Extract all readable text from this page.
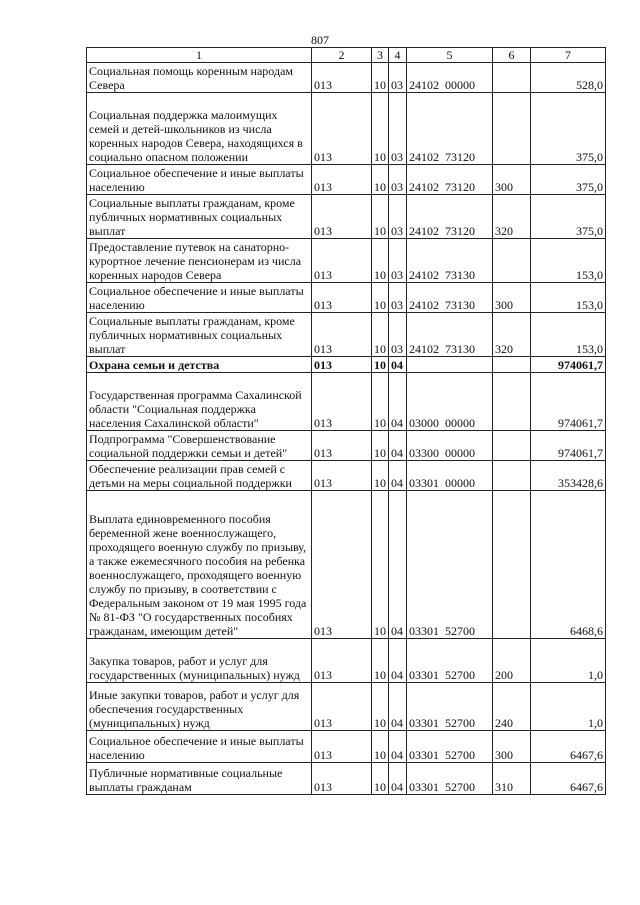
807
1	2	3	4	5	6	7
Социальная помощь коренным народам Севера	013	10	03	24102  00000		528,0
Социальная поддержка малоимущих семей и детей-школьников из числа коренных народов Севера, находящихся в социально опасном положении	013	10	03	24102  73120		375,0
Социальное обеспечение и иные выплаты населению	013	10	03	24102  73120	300	375,0
Социальные выплаты гражданам, кроме публичных нормативных социальных выплат	013	10	03	24102  73120	320	375,0
Предоставление путевок на санаторно-курортное лечение пенсионерам из числа коренных народов Севера	013	10	03	24102  73130		153,0
Социальное обеспечение и иные выплаты населению	013	10	03	24102  73130	300	153,0
Социальные выплаты гражданам, кроме публичных нормативных социальных выплат	013	10	03	24102  73130	320	153,0
Охрана семьи и детства	013	10	04			974061,7
Государственная программа Сахалинской области "Социальная поддержка населения Сахалинской области"	013	10	04	03000  00000		974061,7
Подпрограмма "Совершенствование социальной поддержки семьи и детей"	013	10	04	03300  00000		974061,7
Обеспечение реализации прав семей с детьми на меры социальной поддержки	013	10	04	03301  00000		353428,6
Выплата единовременного пособия беременной жене военнослужащего, проходящего военную службу по призыву, а также ежемесячного пособия на ребенка военнослужащего, проходящего военную службу по призыву, в соответствии с Федеральным законом от 19 мая 1995 года № 81-ФЗ "О государственных пособиях гражданам, имеющим детей"	013	10	04	03301  52700		6468,6
Закупка товаров, работ и услуг для государственных (муниципальных) нужд	013	10	04	03301  52700	200	1,0
Иные закупки товаров, работ и услуг для обеспечения государственных (муниципальных) нужд	013	10	04	03301  52700	240	1,0
Социальное обеспечение и иные выплаты населению	013	10	04	03301  52700	300	6467,6
Публичные нормативные социальные выплаты гражданам	013	10	04	03301  52700	310	6467,6
